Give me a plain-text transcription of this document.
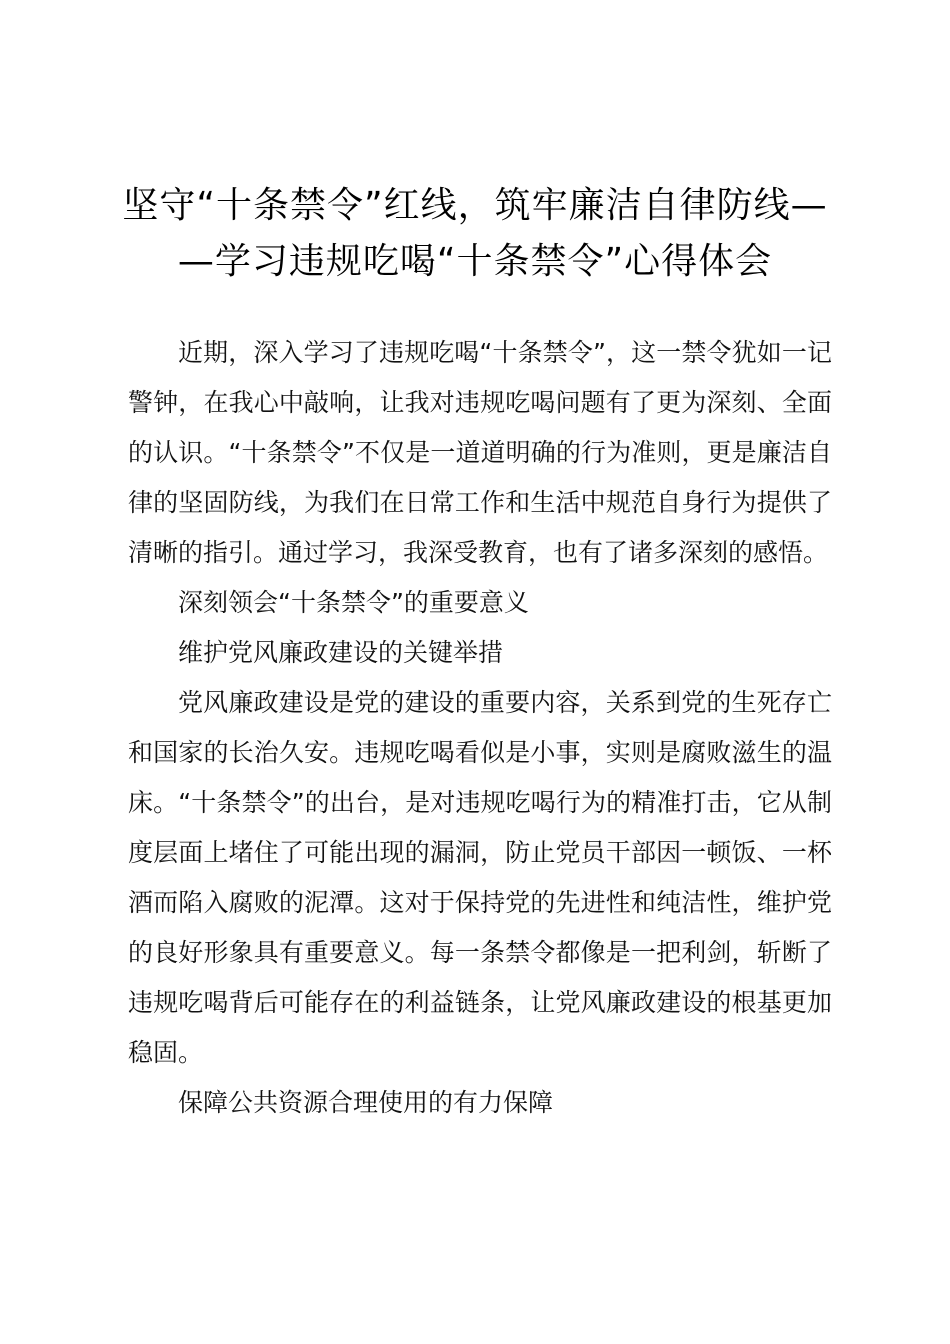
坚守“十条禁令”红线，筑牢廉洁自律防线—
—学习违规吃喝“十条禁令”心得体会

近期，深入学习了违规吃喝“十条禁令”，这一禁令犹如一记警钟，在我心中敲响，让我对违规吃喝问题有了更为深刻、全面的认识。“十条禁令”不仅是一道道明确的行为准则，更是廉洁自律的坚固防线，为我们在日常工作和生活中规范自身行为提供了清晰的指引。通过学习，我深受教育，也有了诸多深刻的感悟。

深刻领会“十条禁令”的重要意义

维护党风廉政建设的关键举措

党风廉政建设是党的建设的重要内容，关系到党的生死存亡和国家的长治久安。违规吃喝看似是小事，实则是腐败滋生的温床。“十条禁令”的出台，是对违规吃喝行为的精准打击，它从制度层面上堵住了可能出现的漏洞，防止党员干部因一顿饭、一杯酒而陷入腐败的泥潭。这对于保持党的先进性和纯洁性，维护党的良好形象具有重要意义。每一条禁令都像是一把利剑，斩断了违规吃喝背后可能存在的利益链条，让党风廉政建设的根基更加稳固。

保障公共资源合理使用的有力保障
